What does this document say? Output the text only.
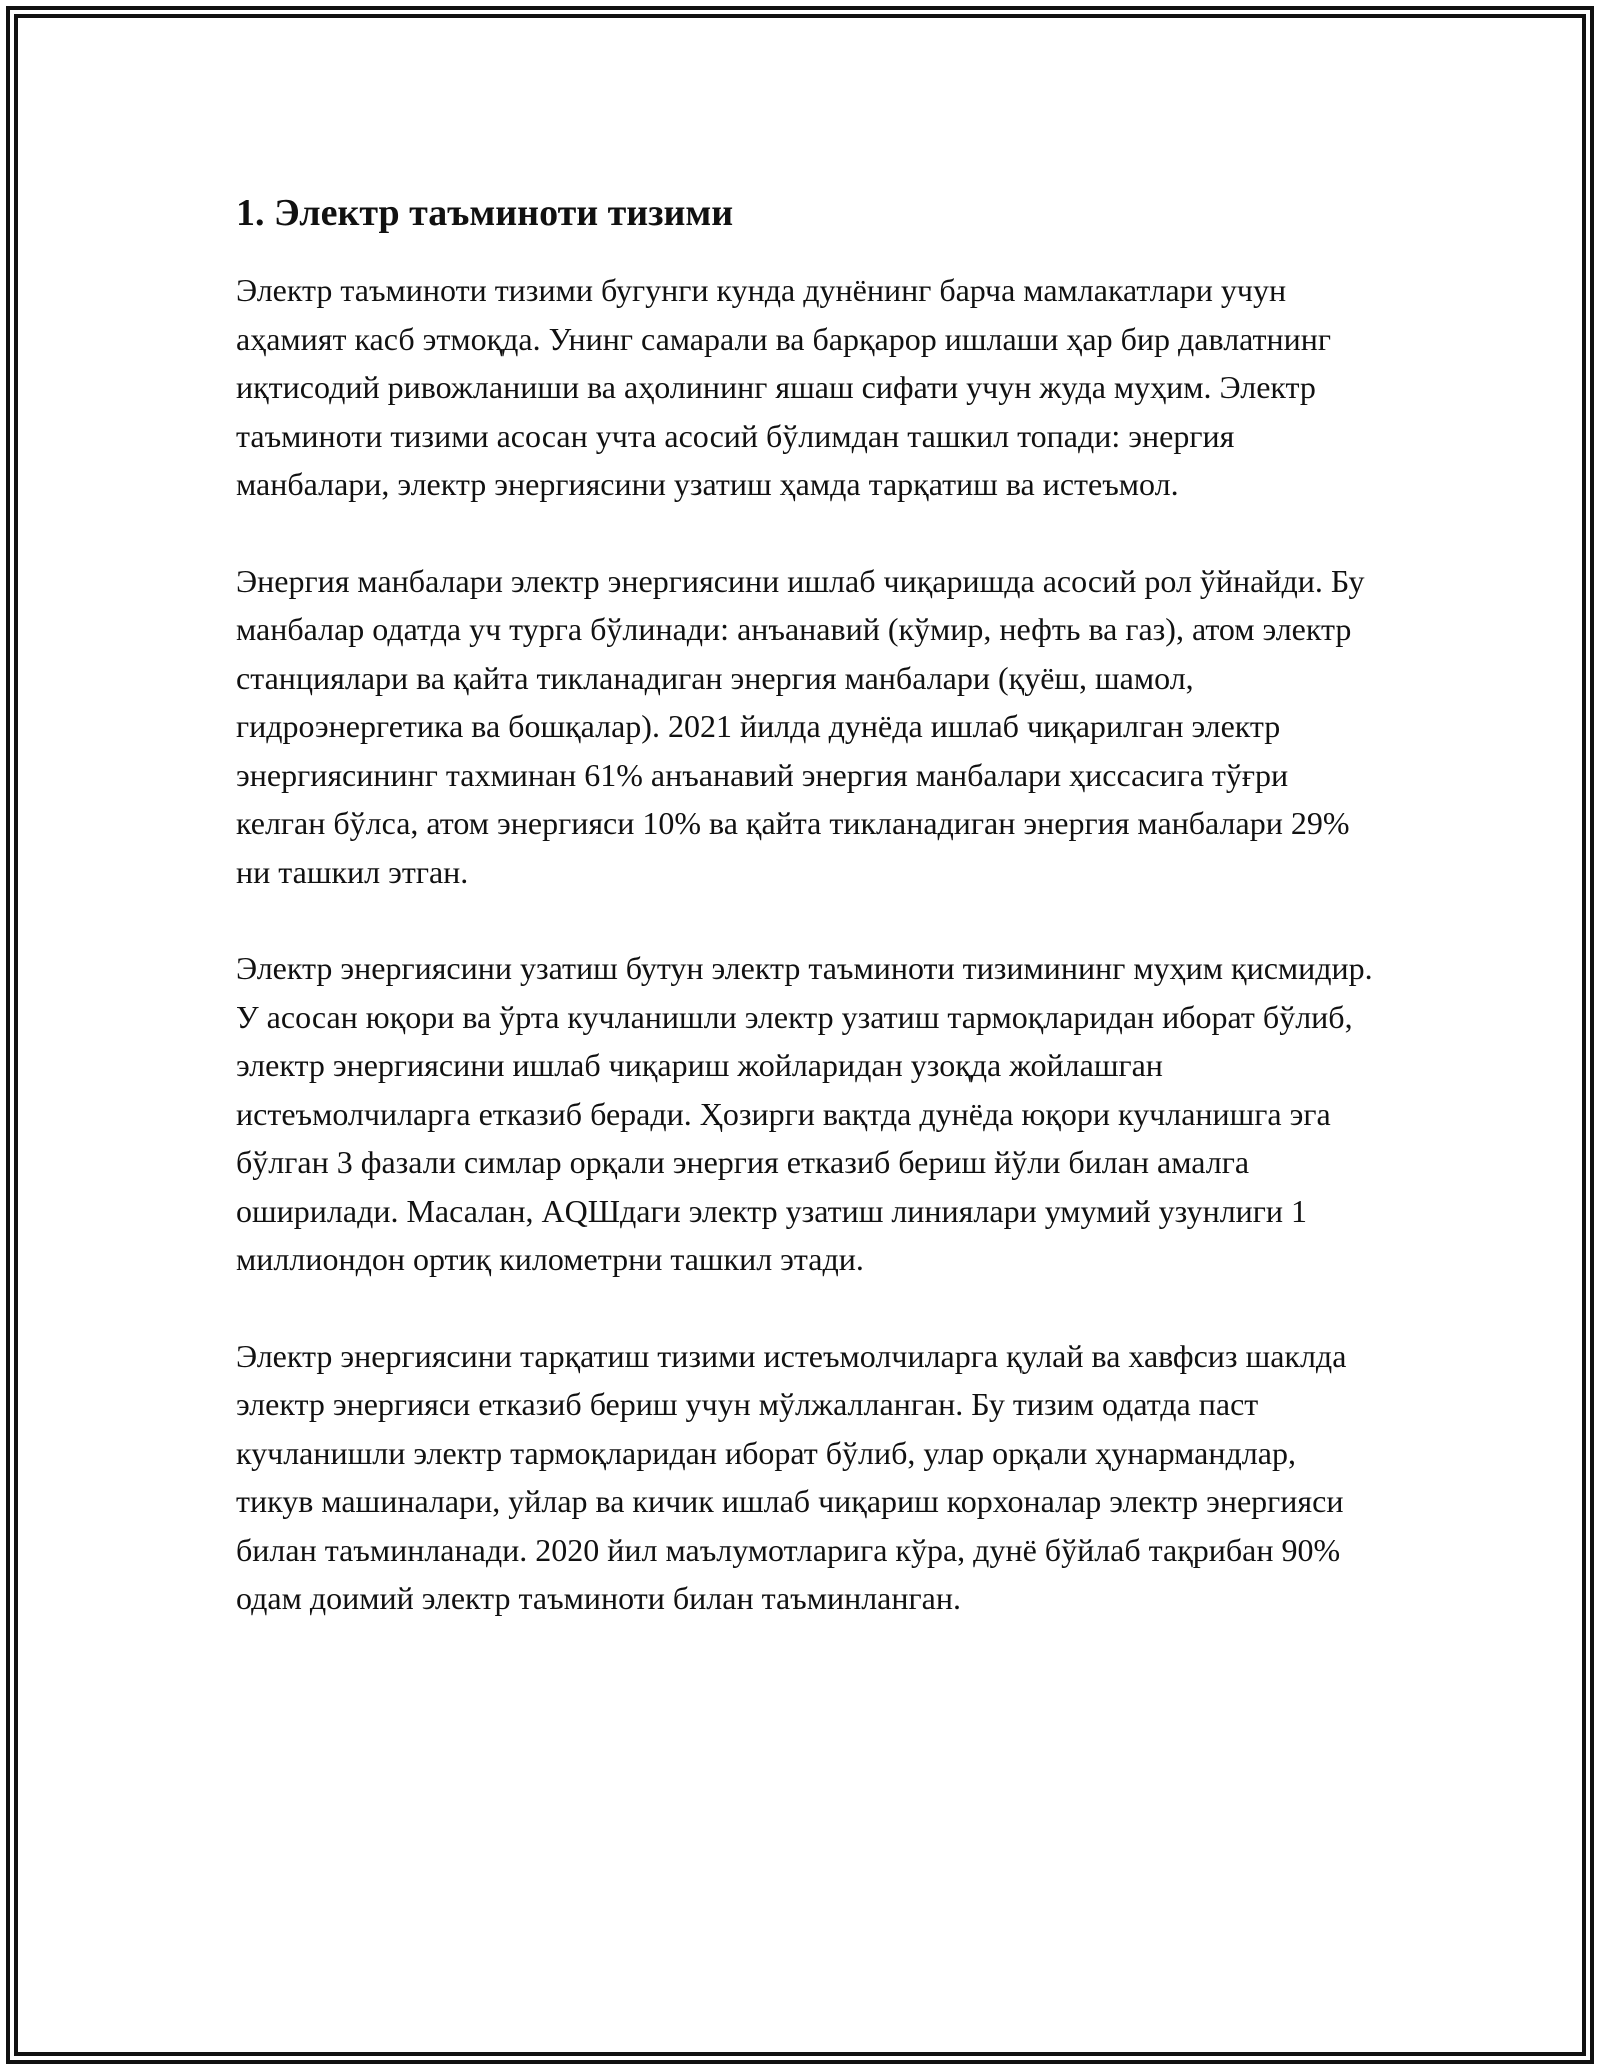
1. Электр таъминоти тизими

Электр таъминоти тизими бугунги кунда дунёнинг барча мамлакатлари учун аҳамият касб этмоқда. Унинг самарали ва барқарор ишлаши ҳар бир давлатнинг иқтисодий ривожланиши ва аҳолининг яшаш сифати учун жуда муҳим. Электр таъминоти тизими асосан учта асосий бўлимдан ташкил топади: энергия манбалари, электр энергиясини узатиш ҳамда тарқатиш ва истеъмол.

Энергия манбалари электр энергиясини ишлаб чиқаришда асосий рол ўйнайди. Бу манбалар одатда уч турга бўлинади: анъанавий (кўмир, нефть ва газ), атом электр станциялари ва қайта тикланадиган энергия манбалари (қуёш, шамол, гидроэнергетика ва бошқалар). 2021 йилда дунёда ишлаб чиқарилган электр энергиясининг тахминан 61% анъанавий энергия манбалари ҳиссасига тўғри келган бўлса, атом энергияси 10% ва қайта тикланадиган энергия манбалари 29% ни ташкил этган.

Электр энергиясини узатиш бутун электр таъминоти тизимининг муҳим қисмидир. У асосан юқори ва ўрта кучланишли электр узатиш тармоқларидан иборат бўлиб, электр энергиясини ишлаб чиқариш жойларидан узоқда жойлашган истеъмолчиларга етказиб беради. Ҳозирги вақтда дунёда юқори кучланишга эга бўлган 3 фазали симлар орқали энергия етказиб бериш йўли билан амалга оширилади. Масалан, AQШдаги электр узатиш линиялари умумий узунлиги 1 миллиондон ортиқ километрни ташкил этади.

Электр энергиясини тарқатиш тизими истеъмолчиларга қулай ва хавфсиз шаклда электр энергияси етказиб бериш учун мўлжалланган. Бу тизим одатда паст кучланишли электр тармоқларидан иборат бўлиб, улар орқали ҳунармандлар, тикув машиналари, уйлар ва кичик ишлаб чиқариш корхоналар электр энергияси билан таъминланади. 2020 йил маълумотларига кўра, дунё бўйлаб тақрибан 90% одам доимий электр таъминоти билан таъминланган.
